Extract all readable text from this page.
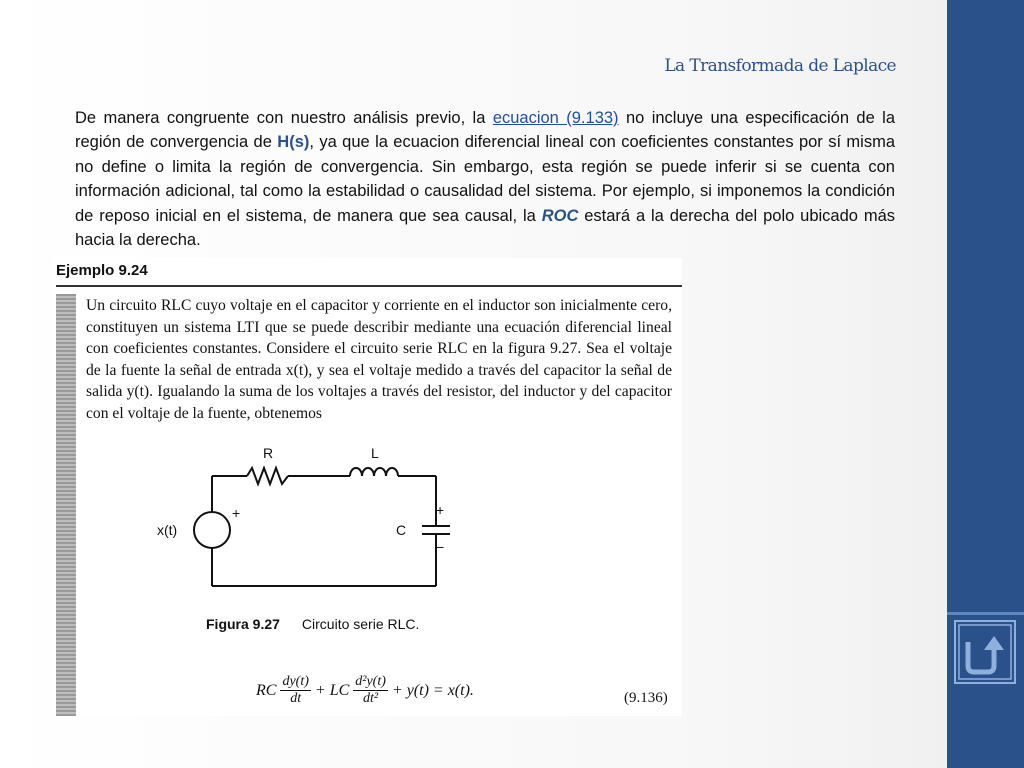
La Transformada de Laplace

De manera congruente con nuestro análisis previo, la ecuacion (9.133) no incluye una especificación de la región de convergencia de H(s), ya que la ecuacion diferencial lineal con coeficientes constantes por sí misma no define o limita la región de convergencia. Sin embargo, esta región se puede inferir si se cuenta con información adicional, tal como la estabilidad o causalidad del sistema. Por ejemplo, si imponemos la condición de reposo inicial en el sistema, de manera que sea causal, la ROC estará a la derecha del polo ubicado más hacia la derecha.

Ejemplo 9.24

Un circuito RLC cuyo voltaje en el capacitor y corriente en el inductor son inicialmente cero, constituyen un sistema LTI que se puede describir mediante una ecuación diferencial lineal con coeficientes constantes. Considere el circuito serie RLC en la figura 9.27. Sea el voltaje de la fuente la señal de entrada x(t), y sea el voltaje medido a través del capacitor la señal de salida y(t). Igualando la suma de los voltajes a través del resistor, del inductor y del capacitor con el voltaje de la fuente, obtenemos

R	L
C
x(t)
+	+
−
Figura 9.27 Circuito serie RLC.
RC $\frac{dy(t)}{dt}$ + LC $\frac{\text{d²y(t)}}{\text{dt²}} + y(t) = x(t)$.	(9.136)
